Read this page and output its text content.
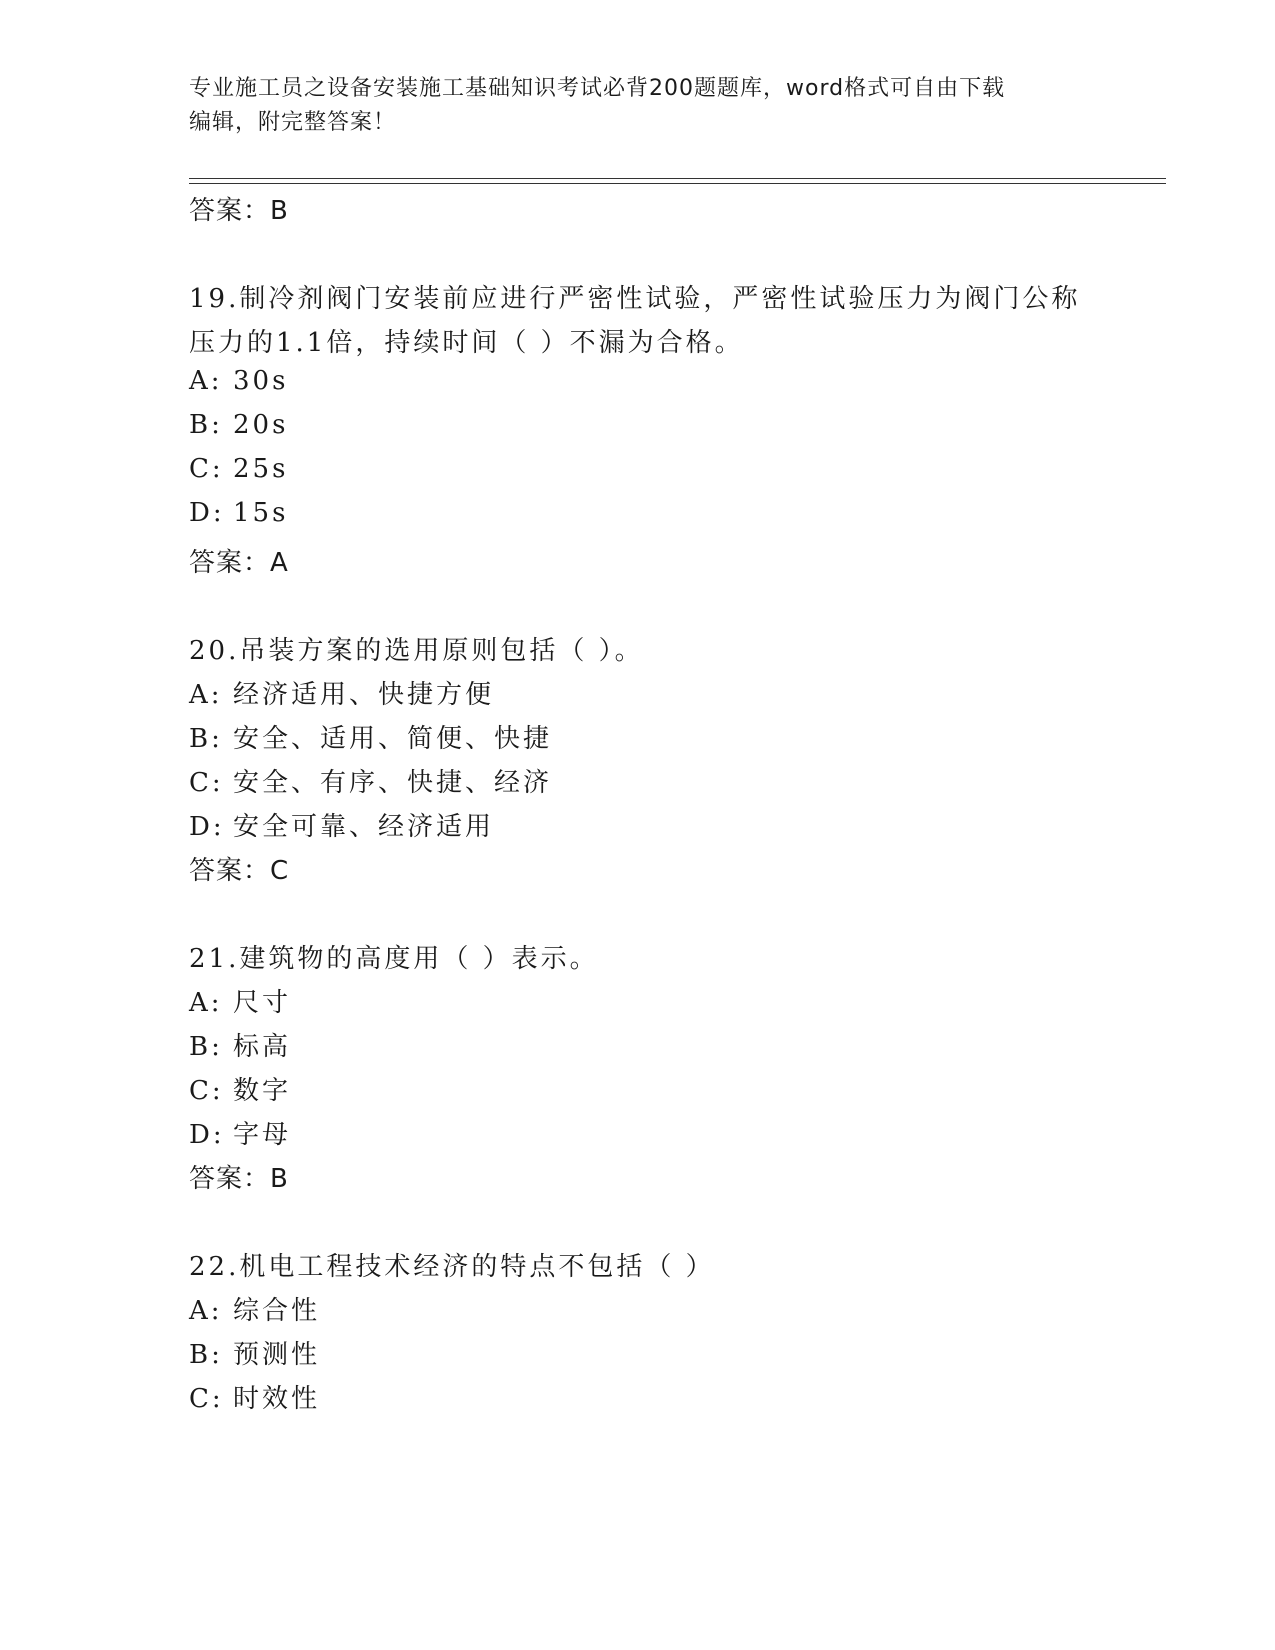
专业施工员之设备安装施工基础知识考试必背200题题库，word格式可自由下载
编辑，附完整答案！
答案：B
19.制冷剂阀门安装前应进行严密性试验，严密性试验压力为阀门公称
压力的1.1倍，持续时间（ ）不漏为合格。
A: 30s
B: 20s
C: 25s
D: 15s
答案：A
20.吊装方案的选用原则包括（ ）。
A: 经济适用、快捷方便
B: 安全、适用、简便、快捷
C: 安全、有序、快捷、经济
D: 安全可靠、经济适用
答案：C
21.建筑物的高度用（ ）表示。
A: 尺寸
B: 标高
C: 数字
D: 字母
答案：B
22.机电工程技术经济的特点不包括（ ）
A: 综合性
B: 预测性
C: 时效性
